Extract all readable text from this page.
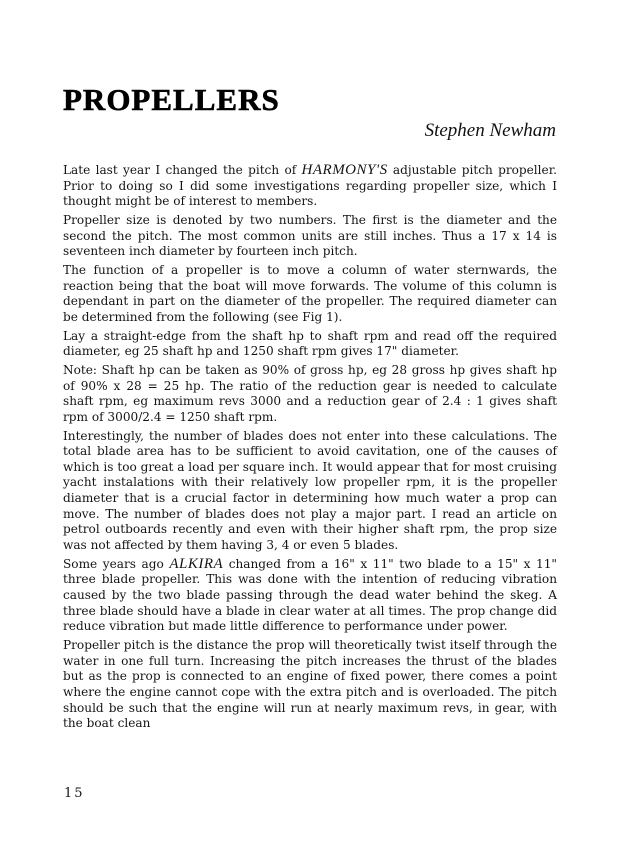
PROPELLERS

Stephen Newham

Late last year I changed the pitch of HARMONY'S adjustable pitch propeller. Prior to doing so I did some investigations regarding propeller size, which I thought might be of interest to members.

Propeller size is denoted by two numbers. The first is the diameter and the second the pitch. The most common units are still inches. Thus a 17 x 14 is seventeen inch diameter by fourteen inch pitch.

The function of a propeller is to move a column of water sternwards, the reaction being that the boat will move forwards. The volume of this column is dependant in part on the diameter of the propeller. The required diameter can be determined from the following (see Fig 1).

Lay a straight-edge from the shaft hp to shaft rpm and read off the required diameter, eg 25 shaft hp and 1250 shaft rpm gives 17" diameter.

Note: Shaft hp can be taken as 90% of gross hp, eg 28 gross hp gives shaft hp of 90% x 28 = 25 hp. The ratio of the reduction gear is needed to calculate shaft rpm, eg maximum revs 3000 and a reduction gear of 2.4 : 1 gives shaft rpm of 3000/2.4 = 1250 shaft rpm.

Interestingly, the number of blades does not enter into these calculations. The total blade area has to be sufficient to avoid cavitation, one of the causes of which is too great a load per square inch. It would appear that for most cruising yacht instalations with their relatively low propeller rpm, it is the propeller diameter that is a crucial factor in determining how much water a prop can move. The number of blades does not play a major part. I read an article on petrol outboards recently and even with their higher shaft rpm, the prop size was not affected by them having 3, 4 or even 5 blades.

Some years ago ALKIRA changed from a 16" x 11" two blade to a 15" x 11" three blade propeller. This was done with the intention of reducing vibration caused by the two blade passing through the dead water behind the skeg. A three blade should have a blade in clear water at all times. The prop change did reduce vibration but made little difference to performance under power.

Propeller pitch is the distance the prop will theoretically twist itself through the water in one full turn. Increasing the pitch increases the thrust of the blades but as the prop is connected to an engine of fixed power, there comes a point where the engine cannot cope with the extra pitch and is overloaded. The pitch should be such that the engine will run at nearly maximum revs, in gear, with the boat clean

15
